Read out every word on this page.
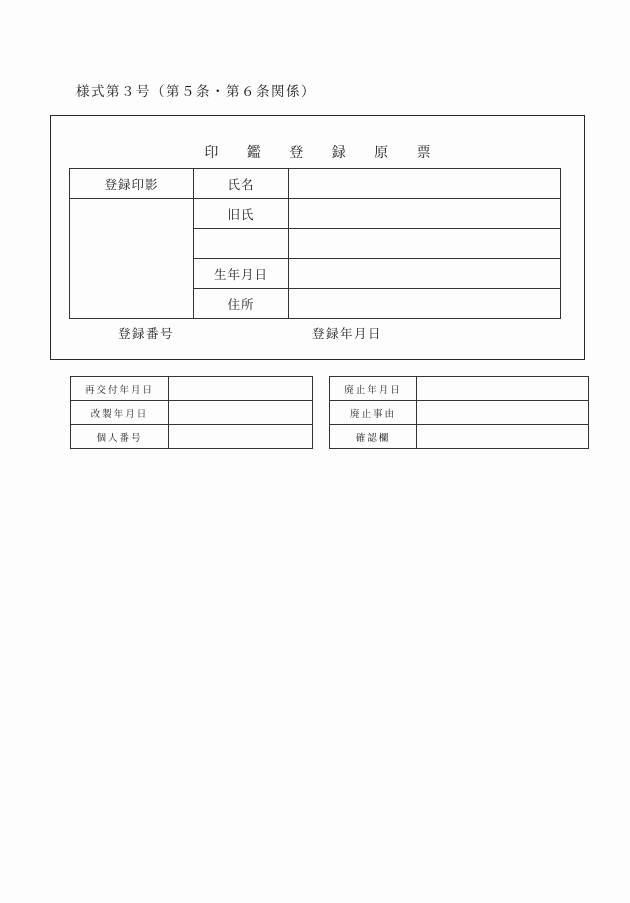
様式第３号（第５条・第６条関係）
印 鑑 登 録 原 票
登録印影	氏名	
	旧氏	

	生年月日	
	住所	
登録番号	登録年月日
再交付年月日	
改製年月日	
個人番号	
廃止年月日	
廃止事由	
確認欄	
